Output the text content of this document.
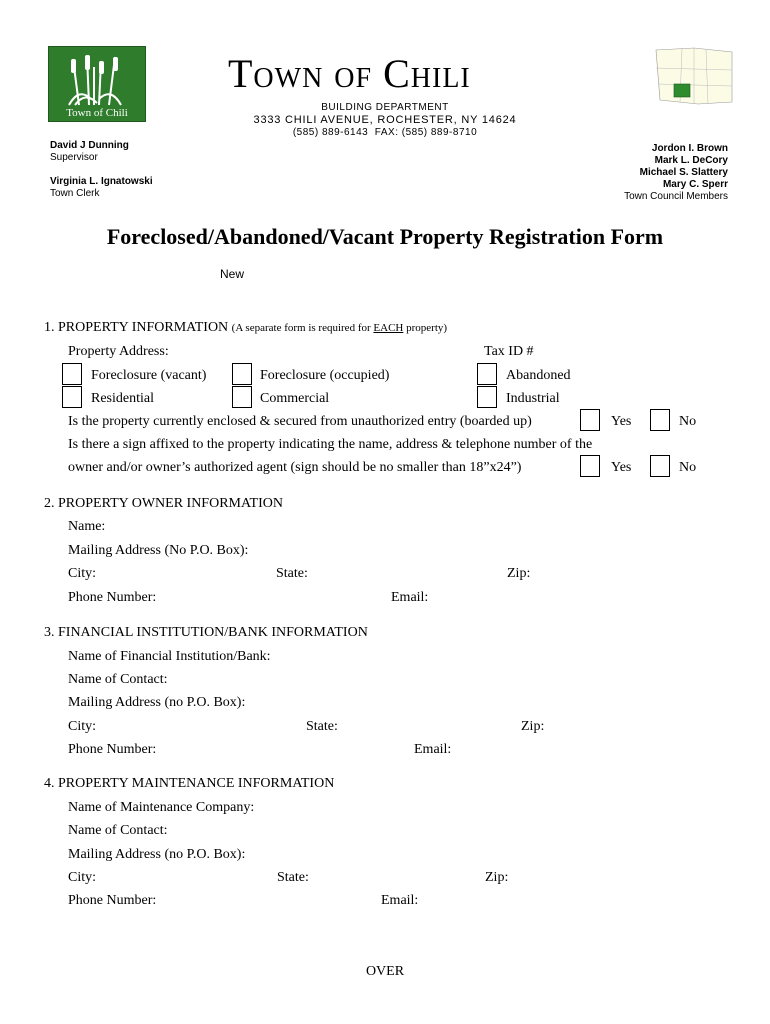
Town of Chili
Town of Chili
BUILDING DEPARTMENT
3333 CHILI AVENUE, ROCHESTER, NY 14624
(585) 889-6143 FAX: (585) 889-8710
David J Dunning
Supervisor
Virginia L. Ignatowski
Town Clerk
Jordon I. Brown
Mark L. DeCory
Michael S. Slattery
Mary C. Sperr
Town Council Members
Foreclosed/Abandoned/Vacant Property Registration Form
New
1. PROPERTY INFORMATION (A separate form is required for EACH property)
Property Address:	Tax ID #
Foreclosure (vacant)	Foreclosure (occupied)	Abandoned
Residential	Commercial	Industrial
Is the property currently enclosed & secured from unauthorized entry (boarded up)	Yes	No
Is there a sign affixed to the property indicating the name, address & telephone number of the
owner and/or owner’s authorized agent (sign should be no smaller than 18”x24”)	Yes	No
2. PROPERTY OWNER INFORMATION
Name:
Mailing Address (No P.O. Box):
City:	State:	Zip:
Phone Number:	Email:
3. FINANCIAL INSTITUTION/BANK INFORMATION
Name of Financial Institution/Bank:
Name of Contact:
Mailing Address (no P.O. Box):
City:	State:	Zip:
Phone Number:	Email:
4. PROPERTY MAINTENANCE INFORMATION
Name of Maintenance Company:
Name of Contact:
Mailing Address (no P.O. Box):
City:	State:	Zip:
Phone Number:	Email:
OVER
